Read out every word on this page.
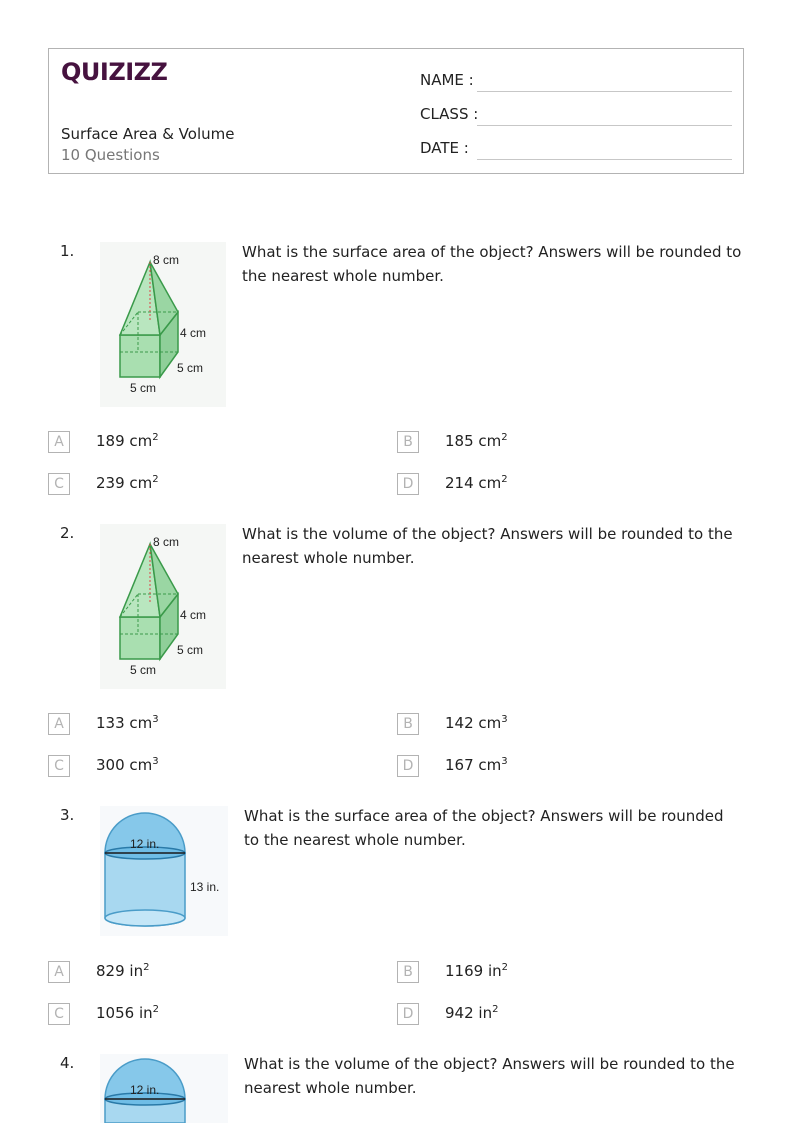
QUIZIZZ
Surface Area & Volume
10 Questions
NAME :
CLASS :
DATE :
1.	8 cm
4 cm
5 cm
5 cm
What is the surface area of the object? Answers will be rounded to the nearest whole number.
A	189 $cm^2$	B	185 $cm^2$
C	239 $cm^2$	D	214 $cm^2$
2.	8 cm
4 cm
5 cm
5 cm
What is the volume of the object? Answers will be rounded to the nearest whole number.
A	133 $cm^3$	B	142 $cm^3$
C	300 $cm^3$	D	167 $cm^3$
3.
12 in.
13 in.
What is the surface area of the object? Answers will be rounded to the nearest whole number.
A	829 $in^2$	B	1169 $in^2$
C	1056 $in^2$	D	942 $in^2$
4.
12 in.
What is the volume of the object? Answers will be rounded to the nearest whole number.
